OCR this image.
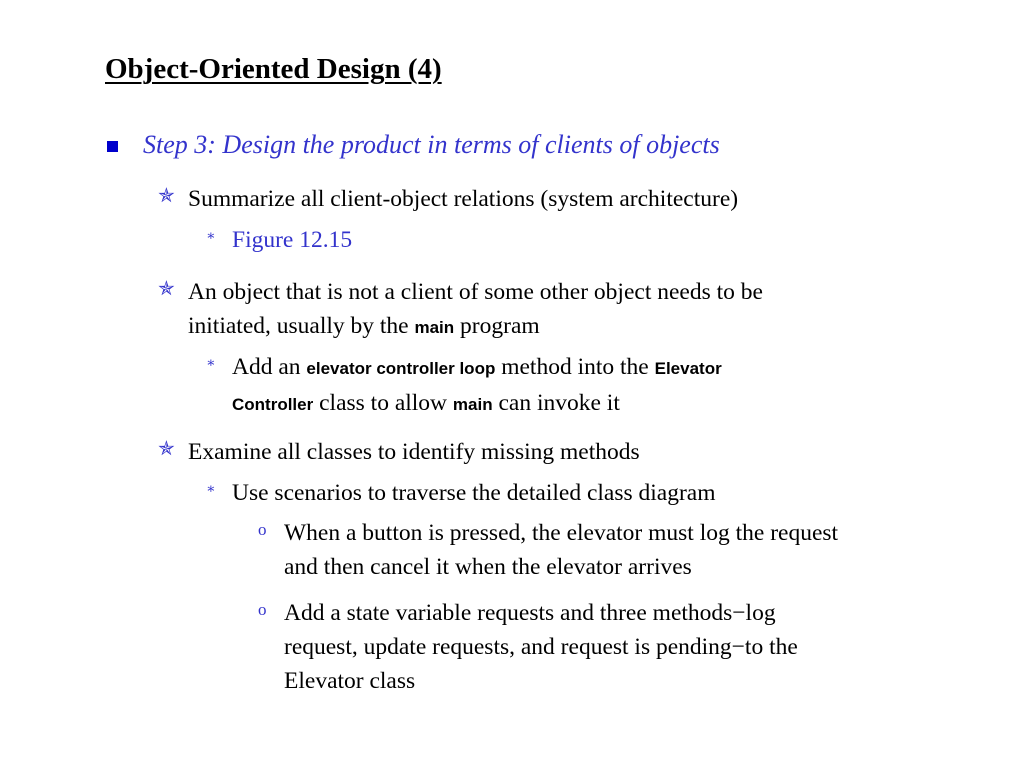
Object-Oriented Design (4)
Step 3: Design the product in terms of clients of objects
✯ Summarize all client-object relations (system architecture)
∗ Figure 12.15
✯ An object that is not a client of some other object needs to be
initiated, usually by the main program
∗ Add an elevator controller loop method into the Elevator
Controller class to allow main can invoke it
✯ Examine all classes to identify missing methods
∗ Use scenarios to traverse the detailed class diagram
o When a button is pressed, the elevator must log the request
and then cancel it when the elevator arrives
o Add a state variable requests and three methods−log
request, update requests, and request is pending−to the
Elevator class
